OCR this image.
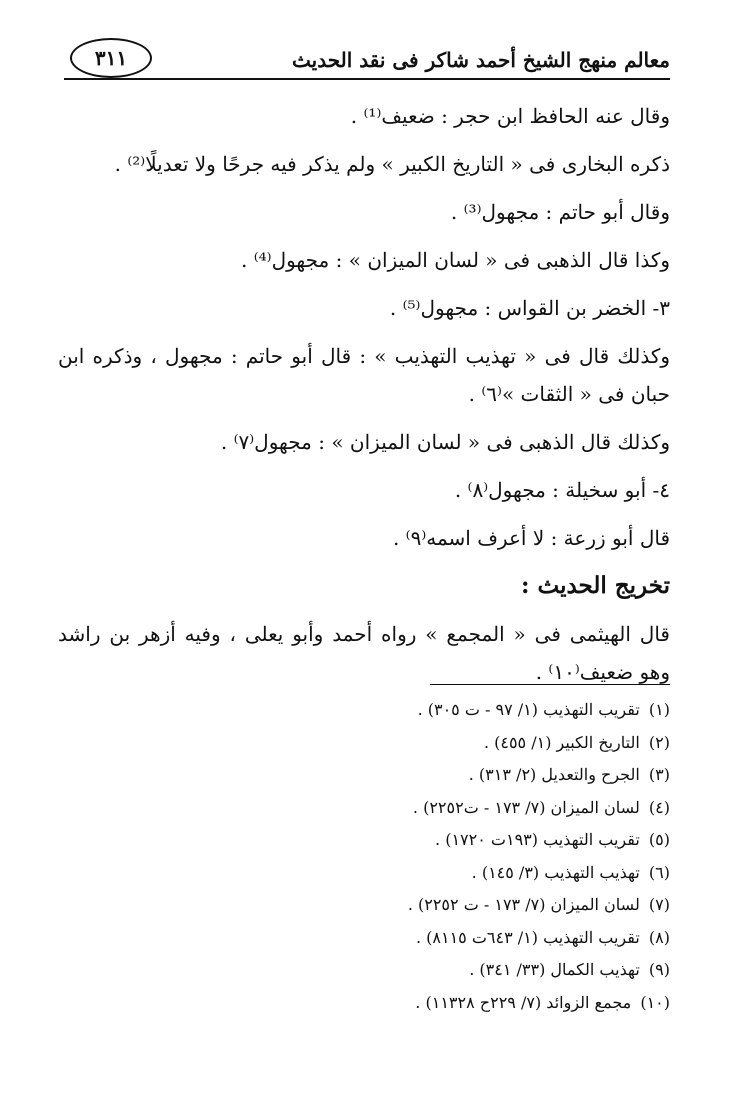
معالم منهج الشيخ أحمد شاكر فى نقد الحديث
٣١١
وقال عنه الحافظ ابن حجر : ضعيف⁽¹⁾ .
ذكره البخارى فى « التاريخ الكبير » ولم يذكر فيه جرحًا ولا تعديلًا⁽²⁾ .
وقال أبو حاتم : مجهول⁽³⁾ .
وكذا قال الذهبى فى « لسان الميزان » : مجهول⁽⁴⁾ .
٣- الخضر بن القواس : مجهول⁽⁵⁾ .
وكذلك قال فى « تهذيب التهذيب » : قال أبو حاتم : مجهول ، وذكره ابن حبان فى « الثقات »⁽٦⁾ .
وكذلك قال الذهبى فى « لسان الميزان » : مجهول⁽٧⁾ .
٤- أبو سخيلة : مجهول⁽٨⁾ .
قال أبو زرعة : لا أعرف اسمه⁽٩⁾ .
تخريج الحديث :
قال الهيثمى فى « المجمع » رواه أحمد وأبو يعلى ، وفيه أزهر بن راشد وهو ضعيف⁽١٠⁾ .
(١) تقريب التهذيب (١/ ٩٧ - ت ٣٠٥) .
(٢) التاريخ الكبير (١/ ٤٥٥) .
(٣) الجرح والتعديل (٢/ ٣١٣) .
(٤) لسان الميزان (٧/ ١٧٣ - ت٢٢٥٢) .
(٥) تقريب التهذيب (١٩٣ت ١٧٢٠) .
(٦) تهذيب التهذيب (٣/ ١٤٥) .
(٧) لسان الميزان (٧/ ١٧٣ - ت ٢٢٥٢) .
(٨) تقريب التهذيب (١/ ٦٤٣ت ٨١١٥) .
(٩) تهذيب الكمال (٣٣/ ٣٤١) .
(١٠) مجمع الزوائد (٧/ ٢٢٩ح ١١٣٢٨) .
